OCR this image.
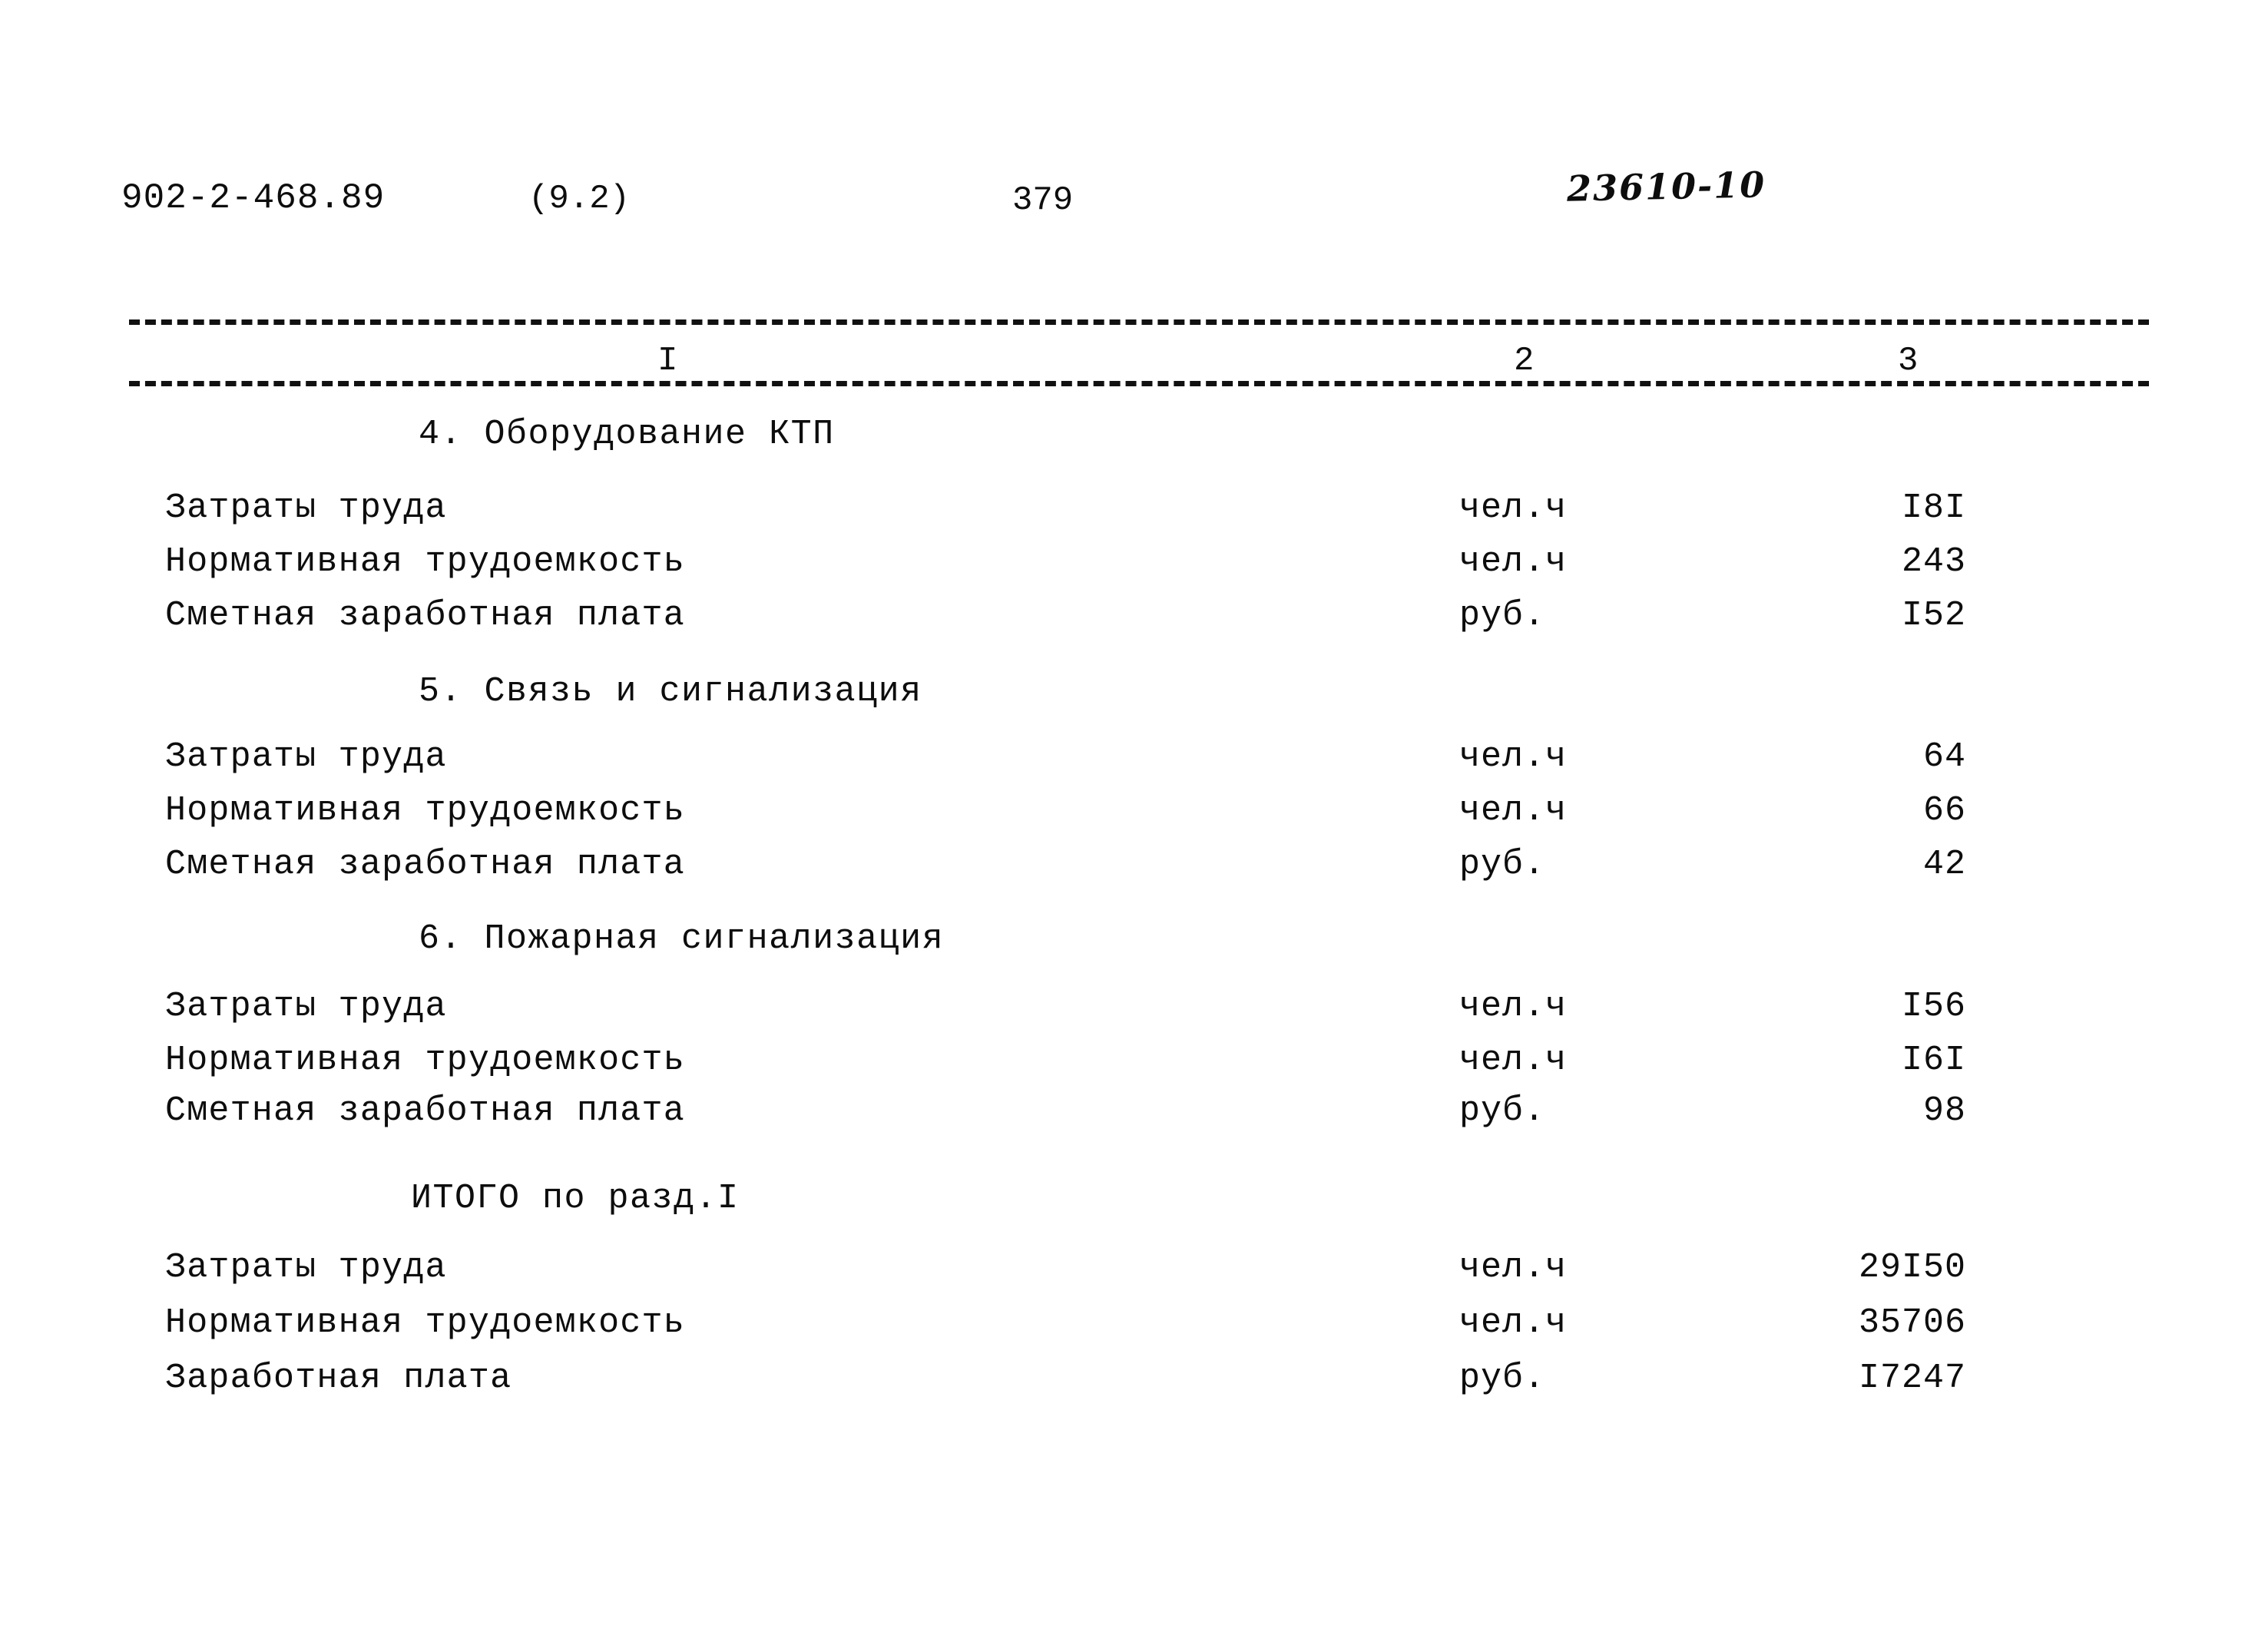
902-2-468.89	(9.2)	379	23610-10
I	2	3
4. Оборудование КТП
Затраты труда	чел.ч	I8I
Нормативная трудоемкость	чел.ч	243
Сметная заработная плата	руб.	I52
5. Связь и сигнализация
Затраты труда	чел.ч	64
Нормативная трудоемкость	чел.ч	66
Сметная заработная плата	руб.	42
6. Пожарная сигнализация
Затраты труда	чел.ч	I56
Нормативная трудоемкость	чел.ч	I6I
Сметная заработная плата	руб.	98
ИТОГО по разд.I
Затраты труда	чел.ч	29I50
Нормативная трудоемкость	чел.ч	35706
Заработная плата	руб.	I7247
